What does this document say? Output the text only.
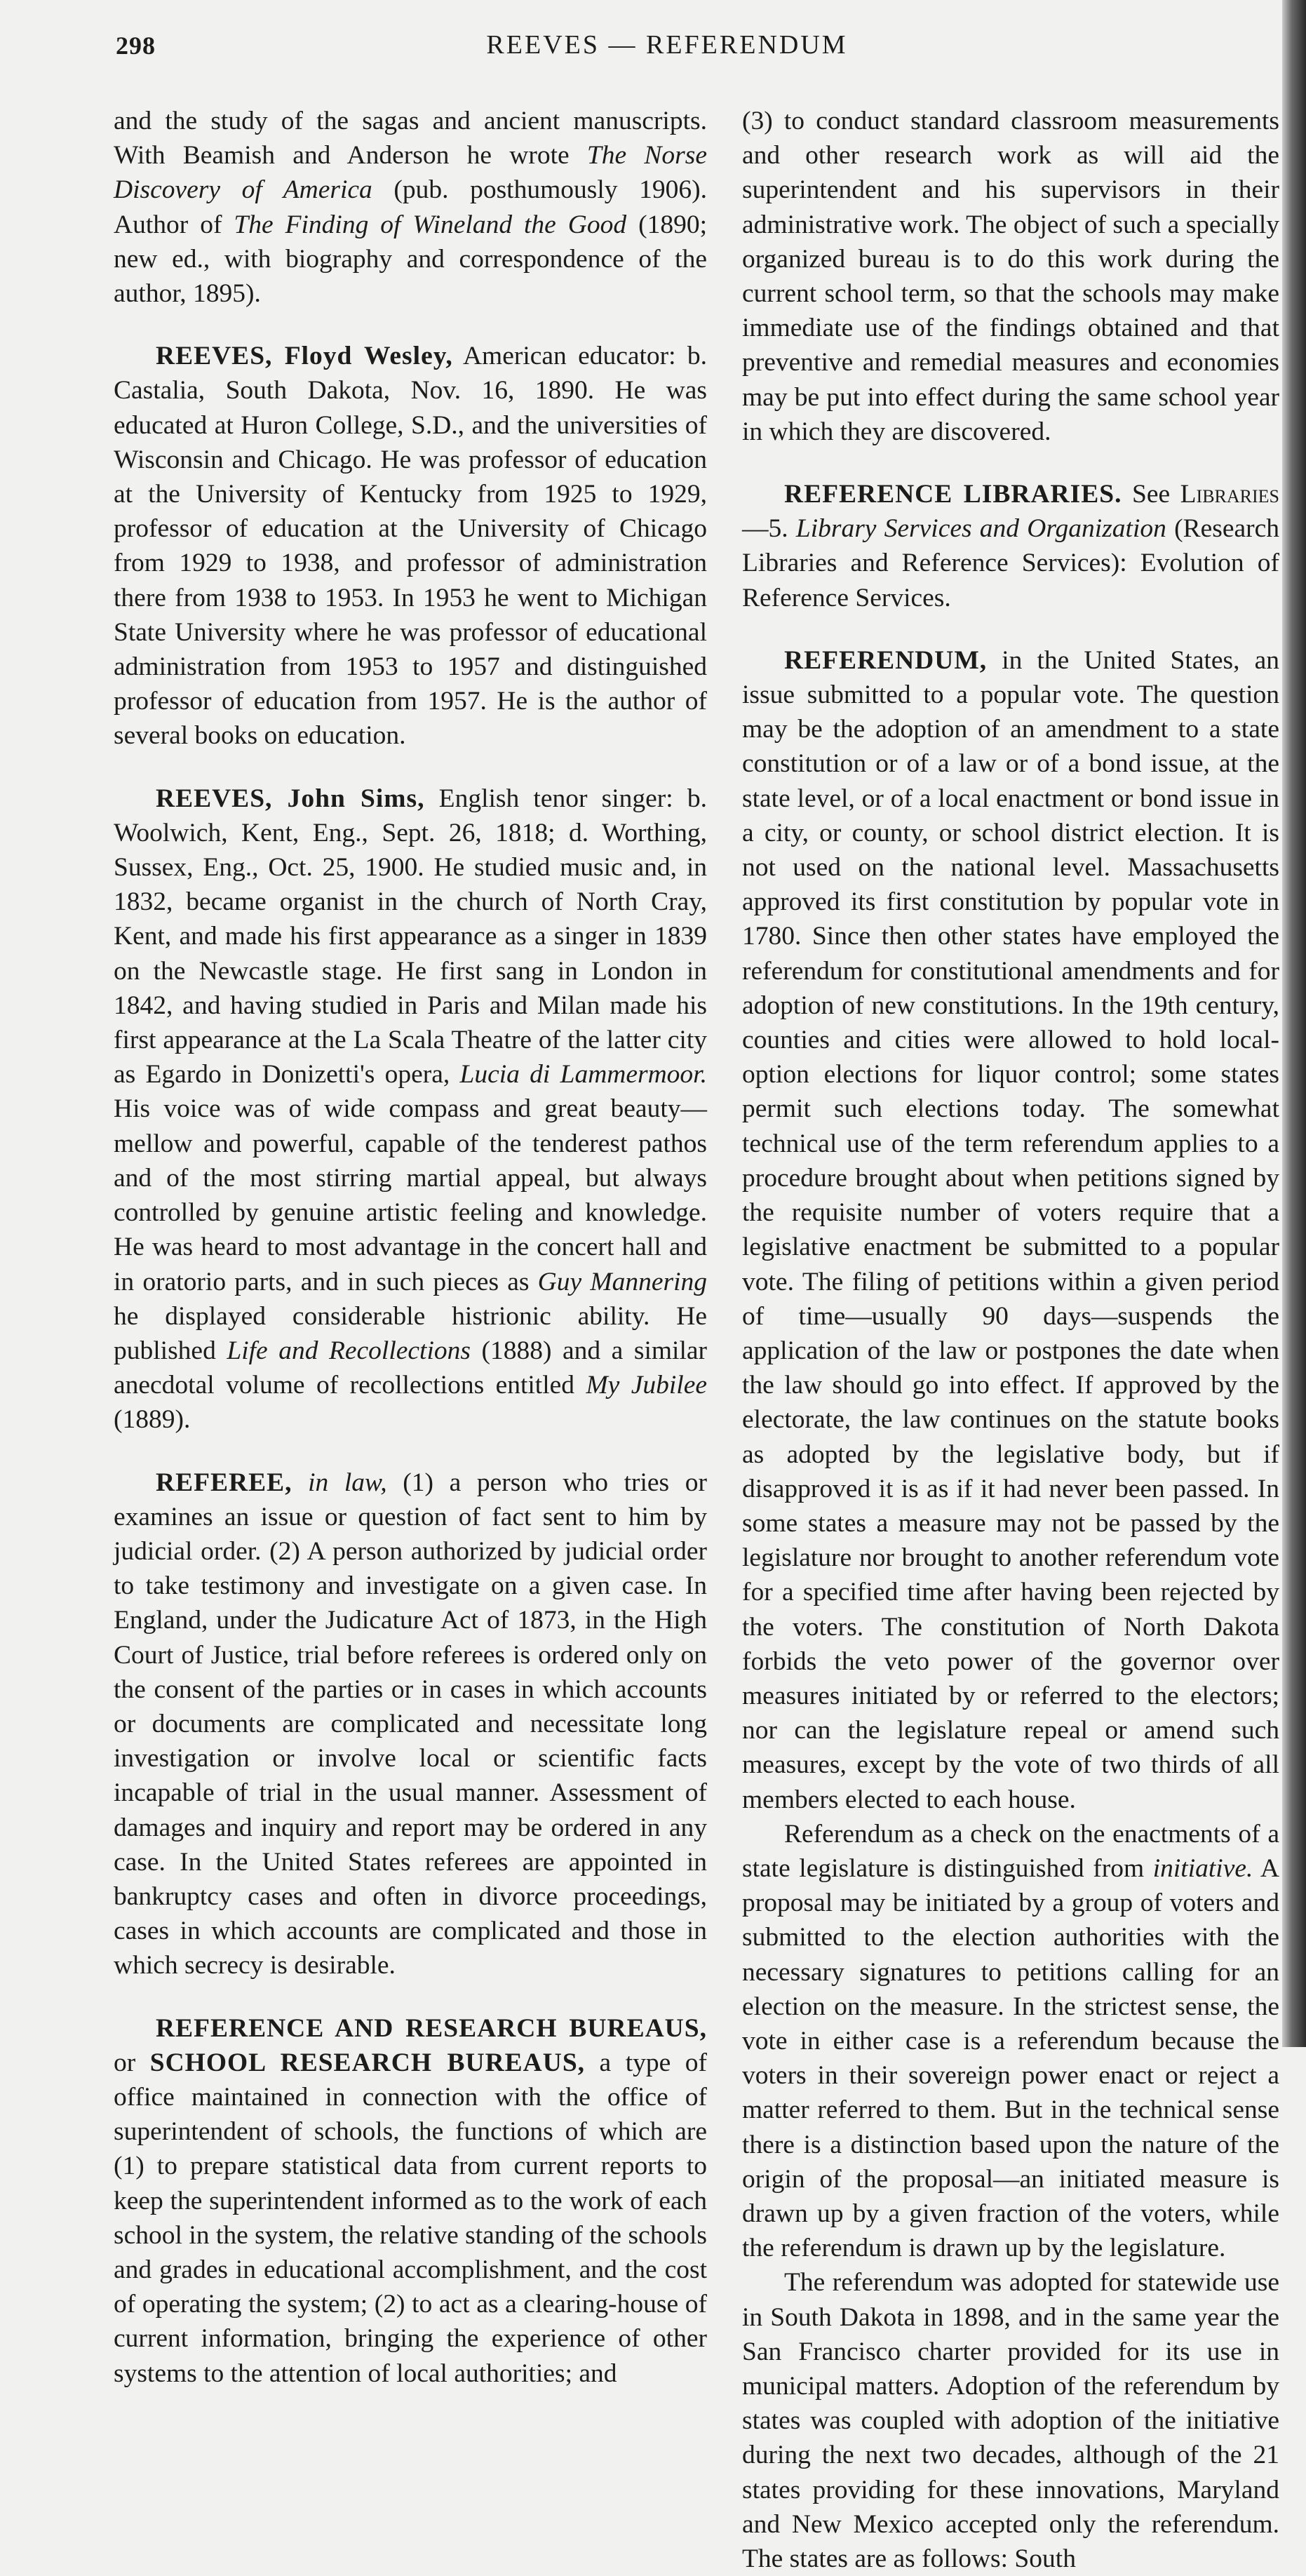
298	REEVES — REFERENDUM

and the study of the sagas and ancient manuscripts. With Beamish and Anderson he wrote The Norse Discovery of America (pub. posthumously 1906). Author of The Finding of Wineland the Good (1890; new ed., with biography and correspondence of the author, 1895).

REEVES, Floyd Wesley, American educator: b. Castalia, South Dakota, Nov. 16, 1890. He was educated at Huron College, S.D., and the universities of Wisconsin and Chicago. He was professor of education at the University of Kentucky from 1925 to 1929, professor of education at the University of Chicago from 1929 to 1938, and professor of administration there from 1938 to 1953. In 1953 he went to Michigan State University where he was professor of educational administration from 1953 to 1957 and distinguished professor of education from 1957. He is the author of several books on education.

REEVES, John Sims, English tenor singer: b. Woolwich, Kent, Eng., Sept. 26, 1818; d. Worthing, Sussex, Eng., Oct. 25, 1900. He studied music and, in 1832, became organist in the church of North Cray, Kent, and made his first appearance as a singer in 1839 on the Newcastle stage. He first sang in London in 1842, and having studied in Paris and Milan made his first appearance at the La Scala Theatre of the latter city as Egardo in Donizetti's opera, Lucia di Lammermoor. His voice was of wide compass and great beauty—mellow and powerful, capable of the tenderest pathos and of the most stirring martial appeal, but always controlled by genuine artistic feeling and knowledge. He was heard to most advantage in the concert hall and in oratorio parts, and in such pieces as Guy Mannering he displayed considerable histrionic ability. He published Life and Recollections (1888) and a similar anecdotal volume of recollections entitled My Jubilee (1889).

REFEREE, in law, (1) a person who tries or examines an issue or question of fact sent to him by judicial order. (2) A person authorized by judicial order to take testimony and investigate on a given case. In England, under the Judicature Act of 1873, in the High Court of Justice, trial before referees is ordered only on the consent of the parties or in cases in which accounts or documents are complicated and necessitate long investigation or involve local or scientific facts incapable of trial in the usual manner. Assessment of damages and inquiry and report may be ordered in any case. In the United States referees are appointed in bankruptcy cases and often in divorce proceedings, cases in which accounts are complicated and those in which secrecy is desirable.

REFERENCE AND RESEARCH BUREAUS, or SCHOOL RESEARCH BUREAUS, a type of office maintained in connection with the office of superintendent of schools, the functions of which are (1) to prepare statistical data from current reports to keep the superintendent informed as to the work of each school in the system, the relative standing of the schools and grades in educational accomplishment, and the cost of operating the system; (2) to act as a clearing-house of current information, bringing the experience of other systems to the attention of local authorities; and

(3) to conduct standard classroom measurements and other research work as will aid the superintendent and his supervisors in their administrative work. The object of such a specially organized bureau is to do this work during the current school term, so that the schools may make immediate use of the findings obtained and that preventive and remedial measures and economies may be put into effect during the same school year in which they are discovered.

REFERENCE LIBRARIES. See Libraries—5. Library Services and Organization (Research Libraries and Reference Services): Evolution of Reference Services.

REFERENDUM, in the United States, an issue submitted to a popular vote. The question may be the adoption of an amendment to a state constitution or of a law or of a bond issue, at the state level, or of a local enactment or bond issue in a city, or county, or school district election. It is not used on the national level. Massachusetts approved its first constitution by popular vote in 1780. Since then other states have employed the referendum for constitutional amendments and for adoption of new constitutions. In the 19th century, counties and cities were allowed to hold local-option elections for liquor control; some states permit such elections today. The somewhat technical use of the term referendum applies to a procedure brought about when petitions signed by the requisite number of voters require that a legislative enactment be submitted to a popular vote. The filing of petitions within a given period of time—usually 90 days—suspends the application of the law or postpones the date when the law should go into effect. If approved by the electorate, the law continues on the statute books as adopted by the legislative body, but if disapproved it is as if it had never been passed. In some states a measure may not be passed by the legislature nor brought to another referendum vote for a specified time after having been rejected by the voters. The constitution of North Dakota forbids the veto power of the governor over measures initiated by or referred to the electors; nor can the legislature repeal or amend such measures, except by the vote of two thirds of all members elected to each house.

Referendum as a check on the enactments of a state legislature is distinguished from initiative. A proposal may be initiated by a group of voters and submitted to the election authorities with the necessary signatures to petitions calling for an election on the measure. In the strictest sense, the vote in either case is a referendum because the voters in their sovereign power enact or reject a matter referred to them. But in the technical sense there is a distinction based upon the nature of the origin of the proposal—an initiated measure is drawn up by a given fraction of the voters, while the referendum is drawn up by the legislature.

The referendum was adopted for statewide use in South Dakota in 1898, and in the same year the San Francisco charter provided for its use in municipal matters. Adoption of the referendum by states was coupled with adoption of the initiative during the next two decades, although of the 21 states providing for these innovations, Maryland and New Mexico accepted only the referendum. The states are as follows: South
